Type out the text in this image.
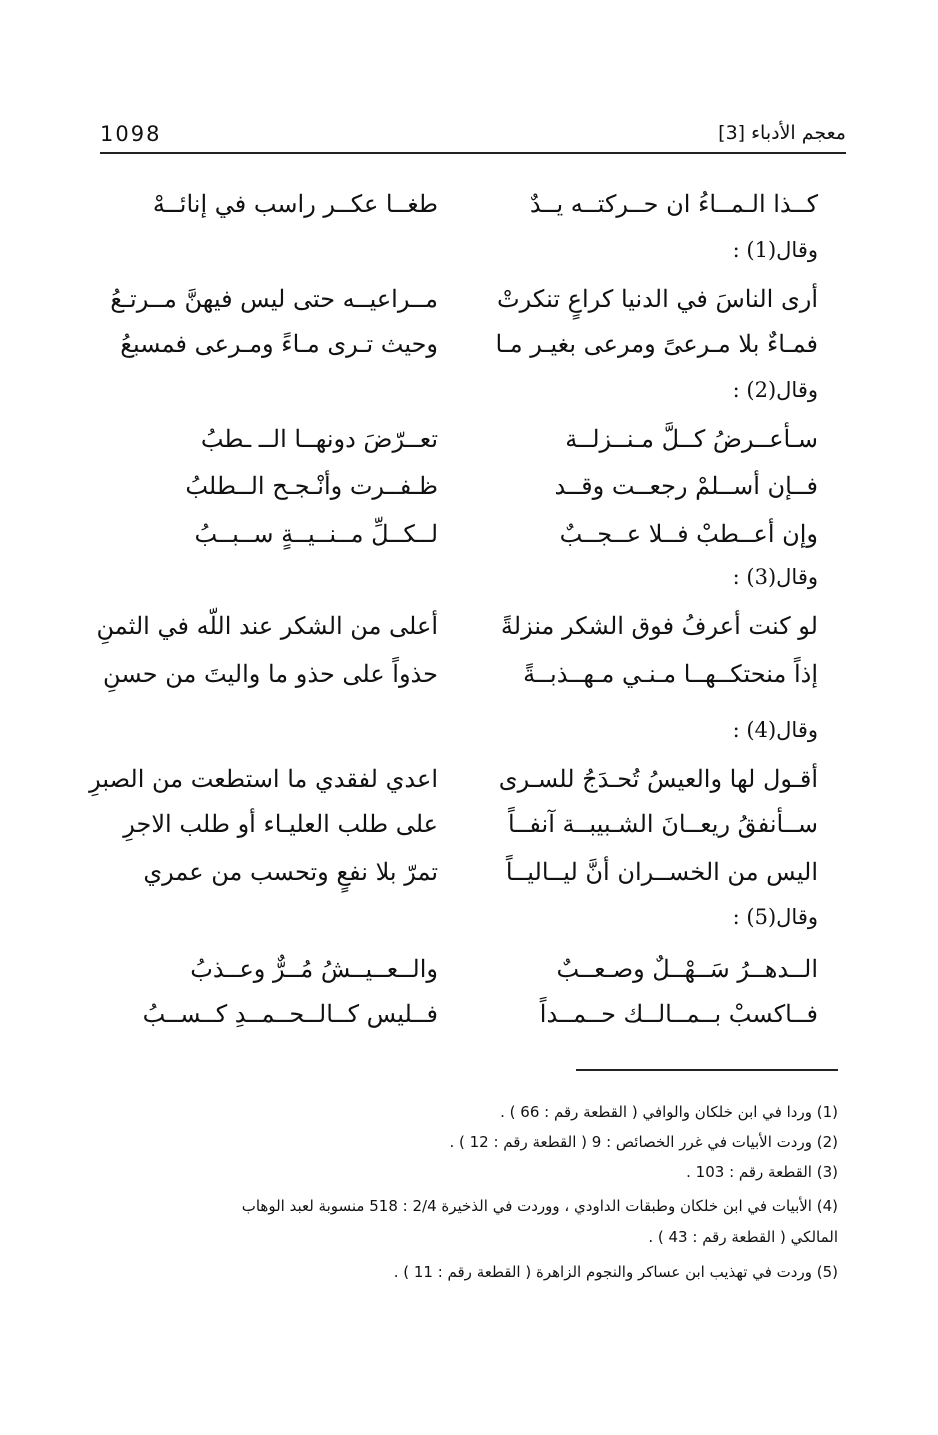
1098	معجم الأدباء [3]
كــذا الـمــاءُ ان حــركتــه يــدٌ
طغــا عكــر راسب في إنائــهْ
وقال(1) :
أرى الناسَ في الدنيا كراعٍ تنكرتْ
مــراعيــه حتى ليس فيهنَّ مــرتـعُ
فمـاءٌ بلا مـرعىً ومرعى بغيـر مـا
وحيث تـرى مـاءً ومـرعى فمسبعُ
وقال(2) :
سـأعــرضُ كــلَّ مـنــزلــة
تعــرّضَ دونهــا الــ ـطبُ
فــإن أســلمْ رجعــت وقــد
ظـفــرت وأنْـجـح الــطلبُ
وإن أعــطبْ فــلا عــجــبٌ
لــكــلِّ مــنــيــةٍ ســبــبُ
وقال(3) :
لو كنت أعرفُ فوق الشكر منزلةً
أعلى من الشكر عند اللّه في الثمنِ
إذاً منحتكــهــا مـنـي مـهــذبــةً
حذواً على حذو ما واليتَ من حسنِ
وقال(4) :
أقـول لها والعيسُ تُحـدَجُ للسـرى
اعدي لفقدي ما استطعت من الصبرِ
ســأنفقُ ريعــانَ الشـبيبــة آنفــاً
على طلب العليـاء أو طلب الاجرِ
اليس من الخســران أنَّ ليــاليــاً
تمرّ بلا نفعٍ وتحسب من عمري
وقال(5) :
الــدهــرُ سَــهْــلٌ وصـعــبٌ
والــعــيــشُ مُــرٌّ وعــذبُ
فــاكسبْ بــمــالــك حــمــداً
فــليس كــالــحــمــدِ كــســبُ
(1) وردا في ابن خلكان والوافي ( القطعة رقم : 66 ) .
(2) وردت الأبيات في غرر الخصائص : 9 ( القطعة رقم : 12 ) .
(3) القطعة رقم : 103 .
(4) الأبيات في ابن خلكان وطبقات الداودي ، ووردت في الذخيرة 2/4 : 518 منسوبة لعبد الوهاب
المالكي ( القطعة رقم : 43 ) .
(5) وردت في تهذيب ابن عساكر والنجوم الزاهرة ( القطعة رقم : 11 ) .
